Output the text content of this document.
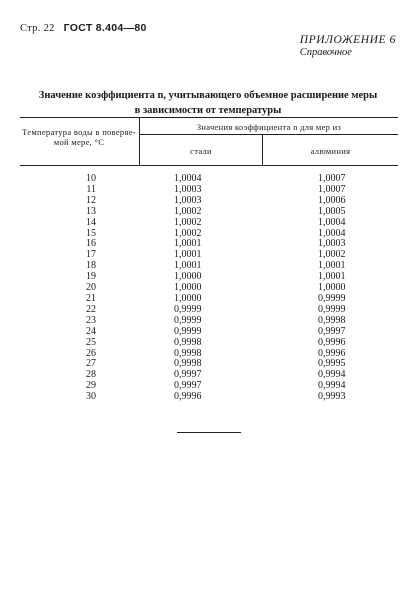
Стр. 22 ГОСТ 8.404—80
ПРИЛОЖЕНИЕ 6
Справочное
Значение коэффициента n, учитывающего объемное расширение меры
в зависимости от температуры
Температура воды в поверяе-
мой мере, °С
Значения коэффициента n для мер из
стали	алюминия
10
11
12
13
14
15
16
17
18
19
20
21
22
23
24
25
26
27
28
29
30
1,0004
1,0003
1,0003
1,0002
1,0002
1,0002
1,0001
1,0001
1,0001
1,0000
1,0000
1,0000
0,9999
0,9999
0,9999
0,9998
0,9998
0,9998
0,9997
0,9997
0,9996
1,0007
1,0007
1,0006
1,0005
1,0004
1,0004
1,0003
1,0002
1,0001
1,0001
1,0000
0,9999
0,9999
0,9998
0,9997
0,9996
0,9996
0,9995
0,9994
0,9994
0,9993
